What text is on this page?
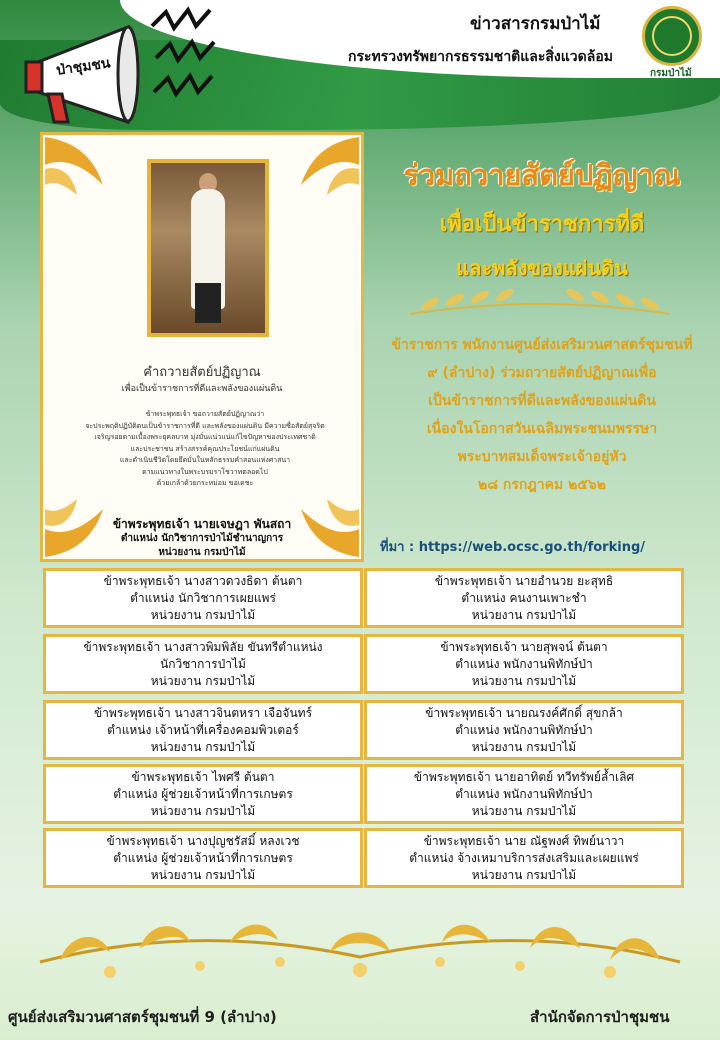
ป่าชุมชน
ข่าวสารกรมป่าไม้
กระทรวงทรัพยากรธรรมชาติและสิ่งแวดล้อม
กรมป่าไม้
คำถวายสัตย์ปฏิญาณ
เพื่อเป็นข้าราชการที่ดีและพลังของแผ่นดิน
ข้าพระพุทธเจ้า ขอถวายสัตย์ปฏิญาณว่า
จะประพฤติปฏิบัติตนเป็นข้าราชการที่ดี และพลังของแผ่นดิน มีความซื่อสัตย์สุจริต
เจริญรอยตามเบื้องพระยุคลบาท มุ่งมั่นแน่วแน่แก้ไขปัญหาของประเทศชาติ
และประชาชน สร้างสรรค์คุณประโยชน์แก่แผ่นดิน
และดำเนินชีวิตโดยยึดมั่นในหลักธรรมคำสอนแห่งศาสนา
ตามแนวทางในพระบรมราโชวาทตลอดไป
ด้วยเกล้าด้วยกระหม่อม ขอเดชะ
ข้าพระพุทธเจ้า นายเจษฎา พันสถา
ตำแหน่ง นักวิชาการป่าไม้ชำนาญการ
หน่วยงาน กรมป่าไม้
ร่วมถวายสัตย์ปฏิญาณ
เพื่อเป็นข้าราชการที่ดี
และพลังของแผ่นดิน
ข้าราชการ พนักงานศูนย์ส่งเสริมวนศาสตร์ชุมชนที่
๙ (ลำปาง) ร่วมถวายสัตย์ปฏิญาณเพื่อ
เป็นข้าราชการที่ดีและพลังของแผ่นดิน
เนื่องในโอกาสวันเฉลิมพระชนมพรรษา
พระบาทสมเด็จพระเจ้าอยู่หัว
๒๘ กรกฎาคม ๒๕๖๒
ที่มา : https://web.ocsc.go.th/forking/
ข้าพระพุทธเจ้า นางสาวดวงธิดา ต้นตา
ตำแหน่ง นักวิชาการเผยแพร่
หน่วยงาน กรมป่าไม้
ข้าพระพุทธเจ้า นายอำนวย ยะสุทธิ
ตำแหน่ง คนงานเพาะชำ
หน่วยงาน กรมป่าไม้
ข้าพระพุทธเจ้า นางสาวพิมพิลัย ขันทรีตำแหน่ง
นักวิชาการป่าไม้
หน่วยงาน กรมป่าไม้
ข้าพระพุทธเจ้า นายสุพจน์ ต้นตา
ตำแหน่ง พนักงานพิทักษ์ป่า
หน่วยงาน กรมป่าไม้
ข้าพระพุทธเจ้า นางสาวจินตหรา เจือจันทร์
ตำแหน่ง เจ้าหน้าที่เครื่องคอมพิวเตอร์
หน่วยงาน กรมป่าไม้
ข้าพระพุทธเจ้า นายณรงค์ศักดิ์ สุขกล้า
ตำแหน่ง พนักงานพิทักษ์ป่า
หน่วยงาน กรมป่าไม้
ข้าพระพุทธเจ้า ไพศรี ต้นตา
ตำแหน่ง ผู้ช่วยเจ้าหน้าที่การเกษตร
หน่วยงาน กรมป่าไม้
ข้าพระพุทธเจ้า นายอาทิตย์ ทวีทรัพย์ล้ำเลิศ
ตำแหน่ง พนักงานพิทักษ์ป่า
หน่วยงาน กรมป่าไม้
ข้าพระพุทธเจ้า นางปุญชรัสมิ์ หลงเวช
ตำแหน่ง ผู้ช่วยเจ้าหน้าที่การเกษตร
หน่วยงาน กรมป่าไม้
ข้าพระพุทธเจ้า นาย ณัฐพงศ์ ทิพย์นาวา
ตำแหน่ง จ้างเหมาบริการส่งเสริมและเผยแพร่
หน่วยงาน กรมป่าไม้
ศูนย์ส่งเสริมวนศาสตร์ชุมชนที่ 9 (ลำปาง)	สำนักจัดการป่าชุมชน
